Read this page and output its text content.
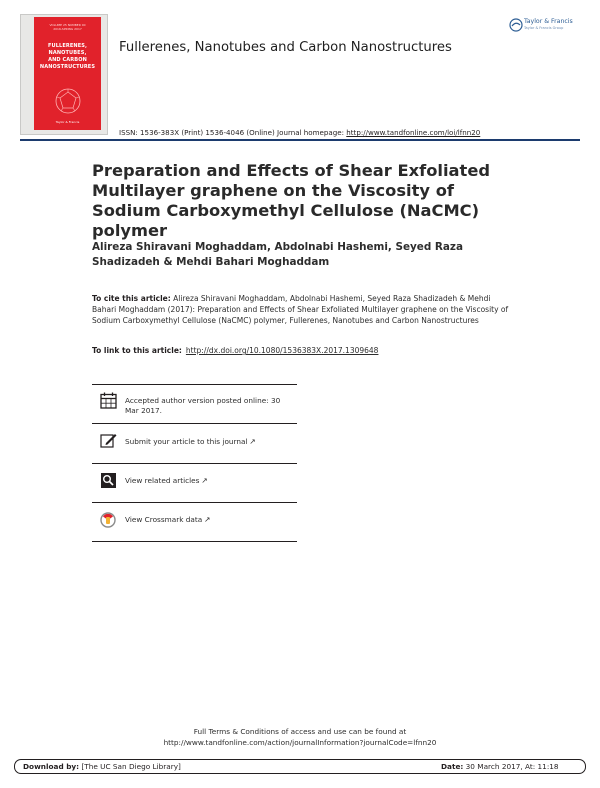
VOLUME 25 NUMBER 00
2016-SPRING 2017
FULLERENES,
NANOTUBES,
AND CARBON
NANOSTRUCTURES
Taylor & Francis
Fullerenes, Nanotubes and Carbon Nanostructures
Taylor & Francis
Taylor & Francis Group
ISSN: 1536-383X (Print) 1536-4046 (Online) Journal homepage: http://www.tandfonline.com/loi/lfnn20
Preparation and Effects of Shear Exfoliated Multilayer graphene on the Viscosity of Sodium Carboxymethyl Cellulose (NaCMC) polymer
Alireza Shiravani Moghaddam, Abdolnabi Hashemi, Seyed Raza Shadizadeh & Mehdi Bahari Moghaddam
To cite this article: Alireza Shiravani Moghaddam, Abdolnabi Hashemi, Seyed Raza Shadizadeh & Mehdi Bahari Moghaddam (2017): Preparation and Effects of Shear Exfoliated Multilayer graphene on the Viscosity of Sodium Carboxymethyl Cellulose (NaCMC) polymer, Fullerenes, Nanotubes and Carbon Nanostructures
To link to this article: http://dx.doi.org/10.1080/1536383X.2017.1309648
Accepted author version posted online: 30 Mar 2017.
Submit your article to this journal ↗
View related articles ↗
View Crossmark data ↗
Full Terms & Conditions of access and use can be found at
http://www.tandfonline.com/action/journalInformation?journalCode=lfnn20
Download by: [The UC San Diego Library]	Date: 30 March 2017, At: 11:18
